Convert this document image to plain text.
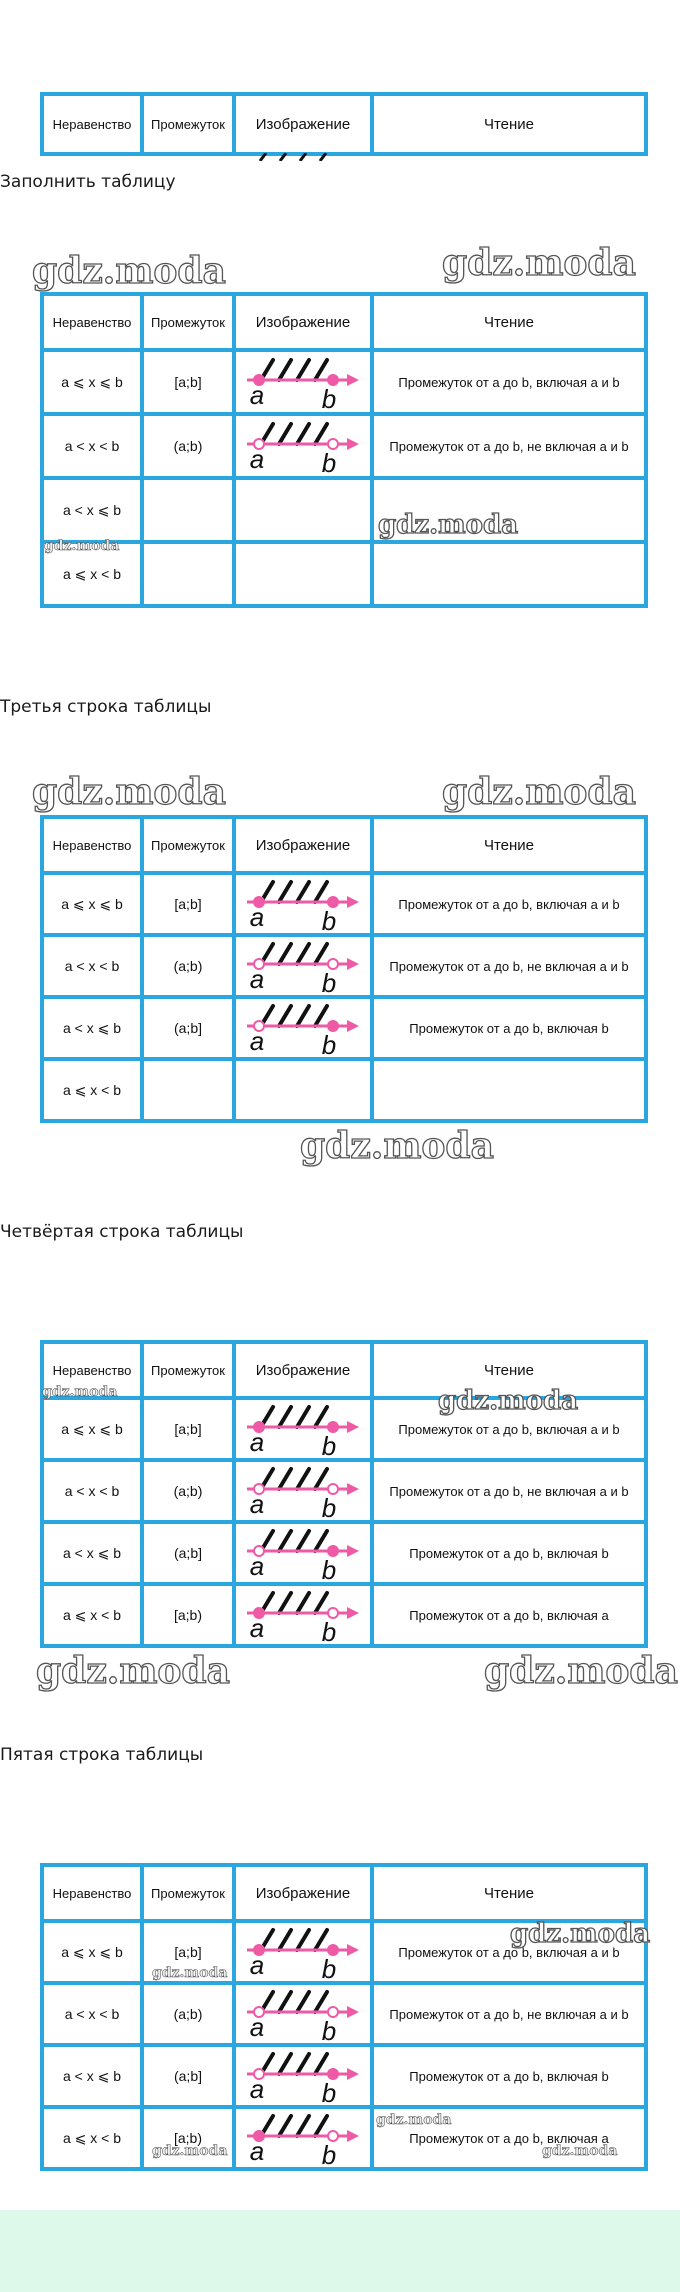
Неравенство	Промежуток	Изображение	Чтение
Заполнить таблицу
gdz.moda	gdz.moda
Неравенство	Промежуток	Изображение	Чтение
a ⩽ x ⩽ b	[a;b]	a b	Промежуток от a до b, включая a и b
a < x < b	(a;b)	a b	Промежуток от a до b, не включая a и b
a < x ⩽ b			
a ⩽ x < b			
gdz.moda
gdz.moda
Третья строка таблицы
gdz.moda	gdz.moda
Неравенство	Промежуток	Изображение	Чтение
a ⩽ x ⩽ b	[a;b]	a b	Промежуток от a до b, включая a и b
a < x < b	(a;b)	a b	Промежуток от a до b, не включая a и b
a < x ⩽ b	(a;b]	a b	Промежуток от a до b, включая b
a ⩽ x < b			
gdz.moda
Четвёртая строка таблицы
Неравенство	Промежуток	Изображение	Чтение
a ⩽ x ⩽ b	[a;b]	a b	Промежуток от a до b, включая a и b
a < x < b	(a;b)	a b	Промежуток от a до b, не включая a и b
a < x ⩽ b	(a;b]	a b	Промежуток от a до b, включая b
a ⩽ x < b	[a;b)	a b	Промежуток от a до b, включая a
gdz.moda	gdz.moda
gdz.moda	gdz.moda
Пятая строка таблицы
Неравенство	Промежуток	Изображение	Чтение
a ⩽ x ⩽ b	[a;b]	a b	Промежуток от a до b, включая a и b
a < x < b	(a;b)	a b	Промежуток от a до b, не включая a и b
a < x ⩽ b	(a;b]	a b	Промежуток от a до b, включая b
a ⩽ x < b	[a;b)	a b	Промежуток от a до b, включая a
gdz.moda
gdz.moda
gdz.moda
gdz.moda	gdz.moda
